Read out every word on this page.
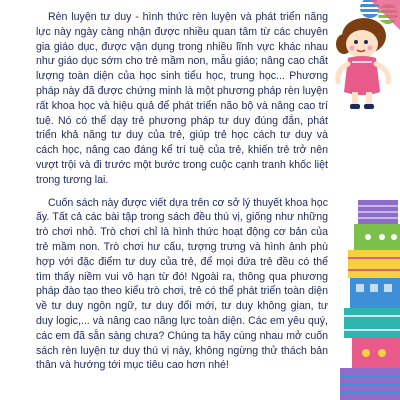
Rèn luyện tư duy - hình thức rèn luyện và phát triển năng lực này ngày càng nhận được nhiều quan tâm từ các chuyên gia giáo dục, được vận dụng trong nhiều lĩnh vực khác nhau như giáo dục sớm cho trẻ mầm non, mẫu giáo; nâng cao chất lượng toàn diện của học sinh tiểu học, trung học... Phương pháp này đã được chứng minh là một phương pháp rèn luyện rất khoa học và hiệu quả để phát triển não bộ và nâng cao trí tuệ. Nó có thể dạy trẻ phương pháp tư duy đúng đắn, phát triển khả năng tư duy của trẻ, giúp trẻ học cách tư duy và cách học, nâng cao đáng kể trí tuệ của trẻ, khiến trẻ trở nên vượt trội và đi trước một bước trong cuộc cạnh tranh khốc liệt trong tương lai.

Cuốn sách này được viết dựa trên cơ sở lý thuyết khoa học ấy. Tất cả các bài tập trong sách đều thú vị, giống như những trò chơi nhỏ. Trò chơi chỉ là hình thức hoạt động cơ bản của trẻ mầm non. Trò chơi hư cấu, tượng trưng và hình ảnh phù hợp với đặc điểm tư duy của trẻ, để mọi đứa trẻ đều có thể tìm thấy niềm vui vô hạn từ đó! Ngoài ra, thông qua phương pháp đào tạo theo kiểu trò chơi, trẻ có thể phát triển toàn diện về tư duy ngôn ngữ, tư duy đổi mới, tư duy không gian, tư duy logic,... và nâng cao năng lực toàn diện. Các em yêu quý, các em đã sẵn sàng chưa? Chúng ta hãy cùng nhau mở cuốn sách rèn luyện tư duy thú vị này, không ngừng thử thách bản thân và hướng tới mục tiêu cao hơn nhé!
